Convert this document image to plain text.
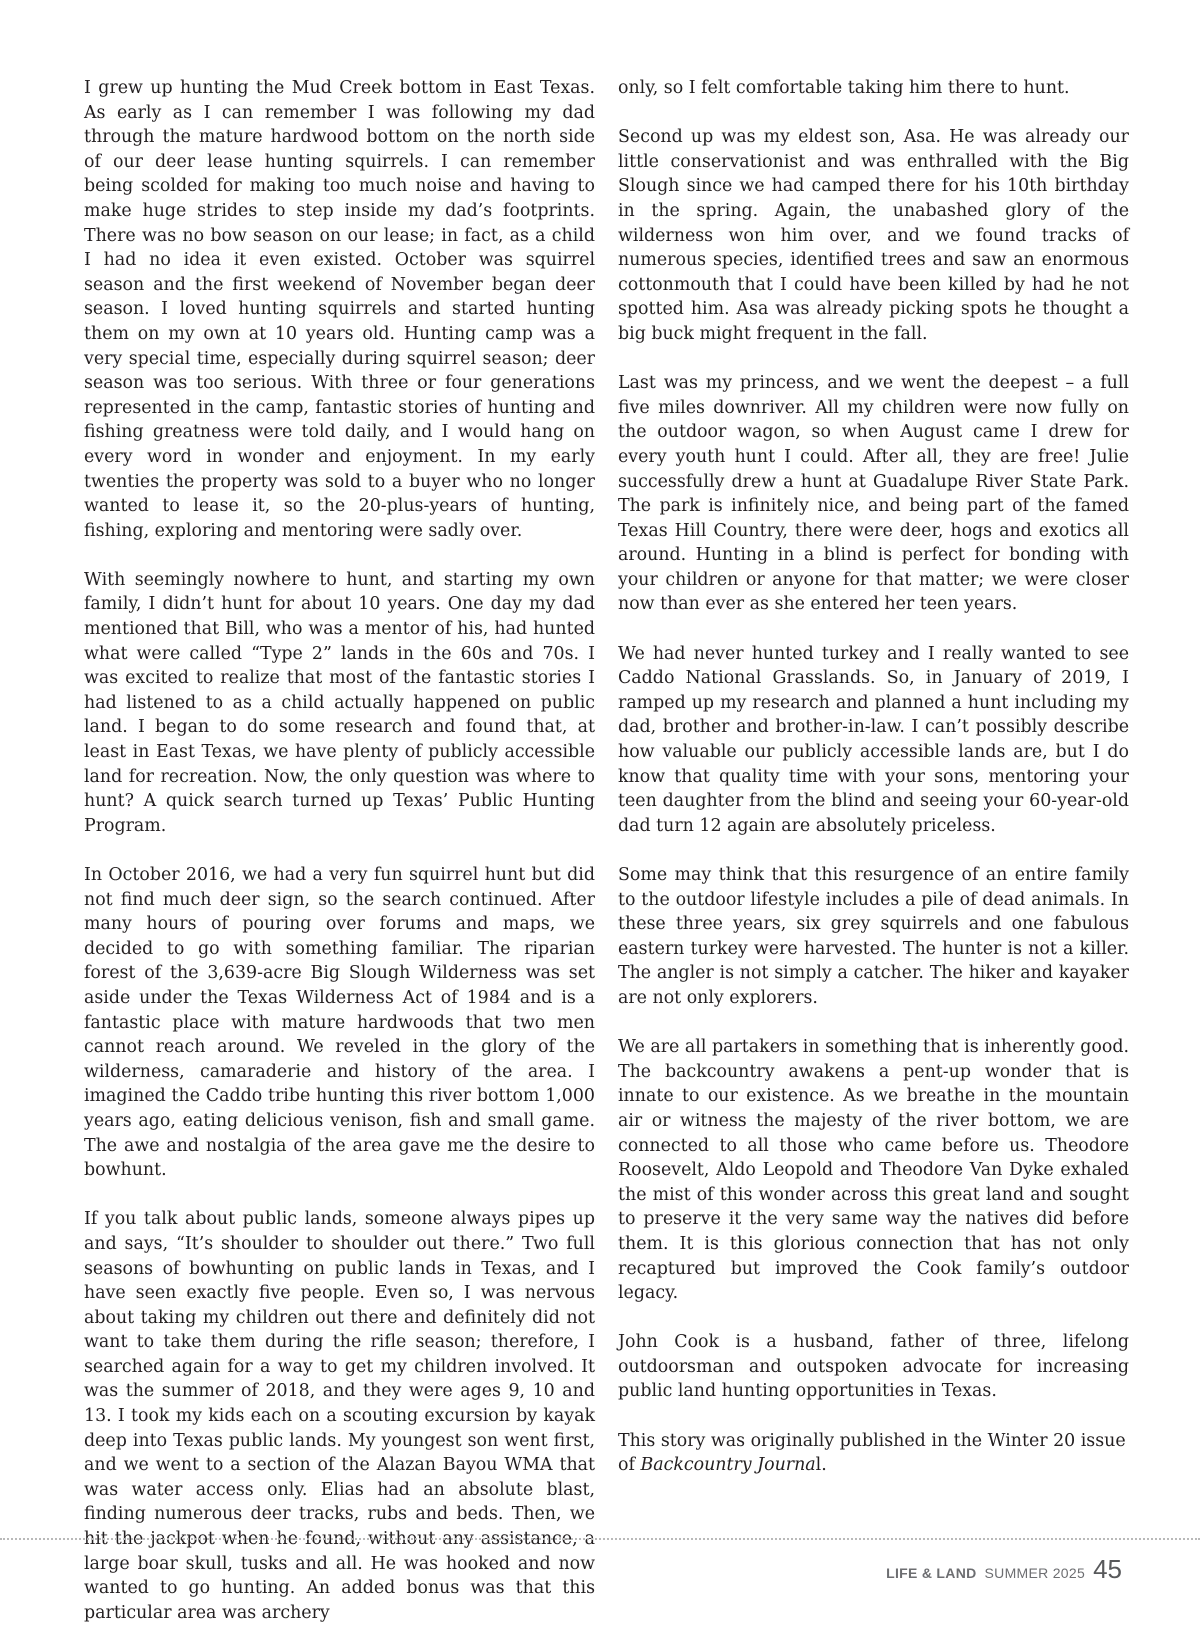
I grew up hunting the Mud Creek bottom in East Texas. As early as I can remember I was following my dad through the mature hardwood bottom on the north side of our deer lease hunting squirrels. I can remember being scolded for making too much noise and having to make huge strides to step inside my dad’s footprints. There was no bow season on our lease; in fact, as a child I had no idea it even existed. October was squirrel season and the first weekend of November began deer season. I loved hunting squirrels and started hunting them on my own at 10 years old. Hunting camp was a very special time, especially during squirrel season; deer season was too serious. With three or four generations represented in the camp, fantastic stories of hunting and fishing greatness were told daily, and I would hang on every word in wonder and enjoyment. In my early twenties the property was sold to a buyer who no longer wanted to lease it, so the 20-plus-years of hunting, fishing, exploring and mentoring were sadly over.

With seemingly nowhere to hunt, and starting my own family, I didn’t hunt for about 10 years. One day my dad mentioned that Bill, who was a mentor of his, had hunted what were called “Type 2” lands in the 60s and 70s. I was excited to realize that most of the fantastic stories I had listened to as a child actually happened on public land. I began to do some research and found that, at least in East Texas, we have plenty of publicly accessible land for recreation. Now, the only question was where to hunt? A quick search turned up Texas’ Public Hunting Program.

In October 2016, we had a very fun squirrel hunt but did not find much deer sign, so the search continued. After many hours of pouring over forums and maps, we decided to go with something familiar. The riparian forest of the 3,639-acre Big Slough Wilderness was set aside under the Texas Wilderness Act of 1984 and is a fantastic place with mature hardwoods that two men cannot reach around. We reveled in the glory of the wilderness, camaraderie and history of the area. I imagined the Caddo tribe hunting this river bottom 1,000 years ago, eating delicious venison, fish and small game. The awe and nostalgia of the area gave me the desire to bowhunt.

If you talk about public lands, someone always pipes up and says, “It’s shoulder to shoulder out there.” Two full seasons of bowhunting on public lands in Texas, and I have seen exactly five people. Even so, I was nervous about taking my children out there and definitely did not want to take them during the rifle season; therefore, I searched again for a way to get my children involved. It was the summer of 2018, and they were ages 9, 10 and 13. I took my kids each on a scouting excursion by kayak deep into Texas public lands. My youngest son went first, and we went to a section of the Alazan Bayou WMA that was water access only. Elias had an absolute blast, finding numerous deer tracks, rubs and beds. Then, we hit the jackpot when he found, without any assistance, a large boar skull, tusks and all. He was hooked and now wanted to go hunting. An added bonus was that this particular area was archery

only, so I felt comfortable taking him there to hunt.

Second up was my eldest son, Asa. He was already our little conservationist and was enthralled with the Big Slough since we had camped there for his 10th birthday in the spring. Again, the unabashed glory of the wilderness won him over, and we found tracks of numerous species, identified trees and saw an enormous cottonmouth that I could have been killed by had he not spotted him. Asa was already picking spots he thought a big buck might frequent in the fall.

Last was my princess, and we went the deepest – a full five miles downriver. All my children were now fully on the outdoor wagon, so when August came I drew for every youth hunt I could. After all, they are free! Julie successfully drew a hunt at Guadalupe River State Park. The park is infinitely nice, and being part of the famed Texas Hill Country, there were deer, hogs and exotics all around. Hunting in a blind is perfect for bonding with your children or anyone for that matter; we were closer now than ever as she entered her teen years.

We had never hunted turkey and I really wanted to see Caddo National Grasslands. So, in January of 2019, I ramped up my research and planned a hunt including my dad, brother and brother-in-law. I can’t possibly describe how valuable our publicly accessible lands are, but I do know that quality time with your sons, mentoring your teen daughter from the blind and seeing your 60-year-old dad turn 12 again are absolutely priceless.

Some may think that this resurgence of an entire family to the outdoor lifestyle includes a pile of dead animals. In these three years, six grey squirrels and one fabulous eastern turkey were harvested. The hunter is not a killer. The angler is not simply a catcher. The hiker and kayaker are not only explorers.

We are all partakers in something that is inherently good. The backcountry awakens a pent-up wonder that is innate to our existence. As we breathe in the mountain air or witness the majesty of the river bottom, we are connected to all those who came before us. Theodore Roosevelt, Aldo Leopold and Theodore Van Dyke exhaled the mist of this wonder across this great land and sought to preserve it the very same way the natives did before them. It is this glorious connection that has not only recaptured but improved the Cook family’s outdoor legacy.

John Cook is a husband, father of three, lifelong outdoorsman and outspoken advocate for increasing public land hunting opportunities in Texas.

This story was originally published in the Winter 20 issue of Backcountry Journal.

LIFE & LAND SUMMER 2025 45
